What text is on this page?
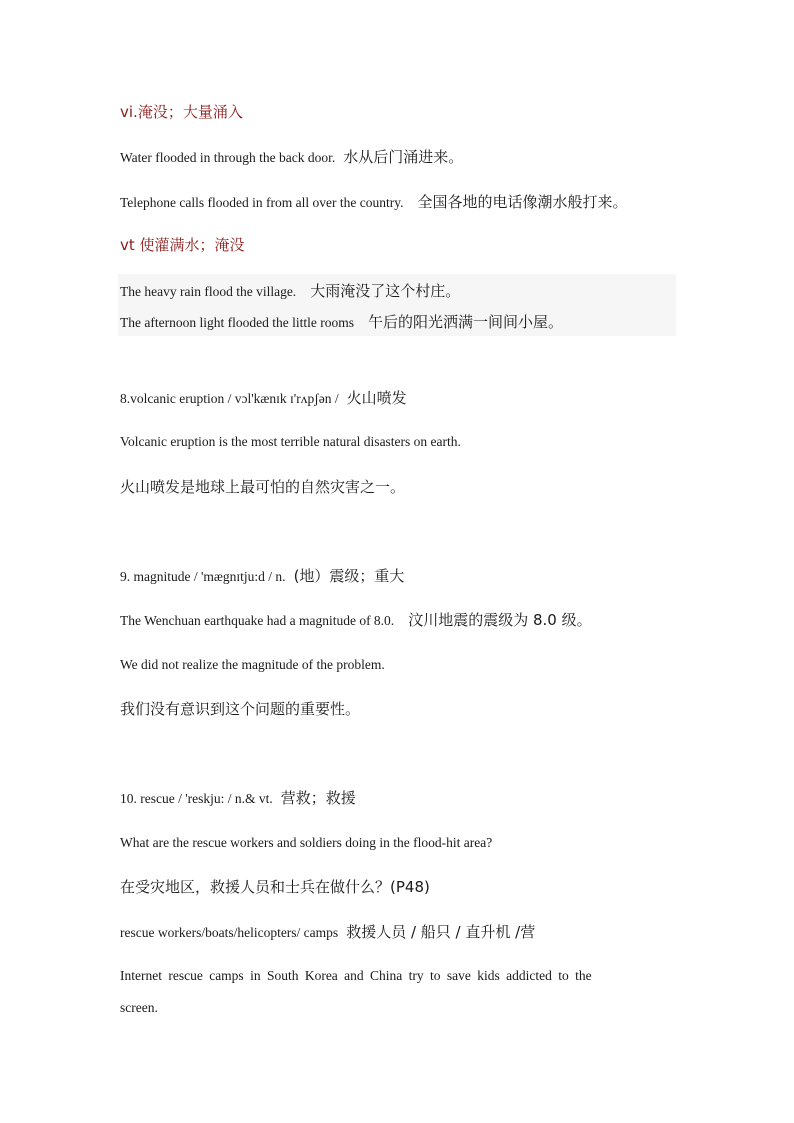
vi.淹没；大量涌入
Water flooded in through the back door. 水从后门涌进来。
Telephone calls flooded in from all over the country. 全国各地的电话像潮水般打来。
vt 使灌满水；淹没
The heavy rain flood the village. 大雨淹没了这个村庄。
The afternoon light flooded the little rooms 午后的阳光洒满一间间小屋。
8.volcanic eruption / vɔl'kænɪk ɪ'rʌpʃən / 火山喷发
Volcanic eruption is the most terrible natural disasters on earth.
火山喷发是地球上最可怕的自然灾害之一。
9. magnitude / 'mægnɪtju:d / n. (地）震级；重大
The Wenchuan earthquake had a magnitude of 8.0. 汶川地震的震级为 8.0 级。
We did not realize the magnitude of the problem.
我们没有意识到这个问题的重要性。
10. rescue / 'reskju: / n.& vt. 营救；救援
What are the rescue workers and soldiers doing in the flood-hit area?
在受灾地区，救援人员和士兵在做什么？(P48)
rescue workers/boats/helicopters/ camps 救援人员 / 船只 / 直升机 /营
Internet rescue camps in South Korea and China try to save kids addicted to the
screen.
